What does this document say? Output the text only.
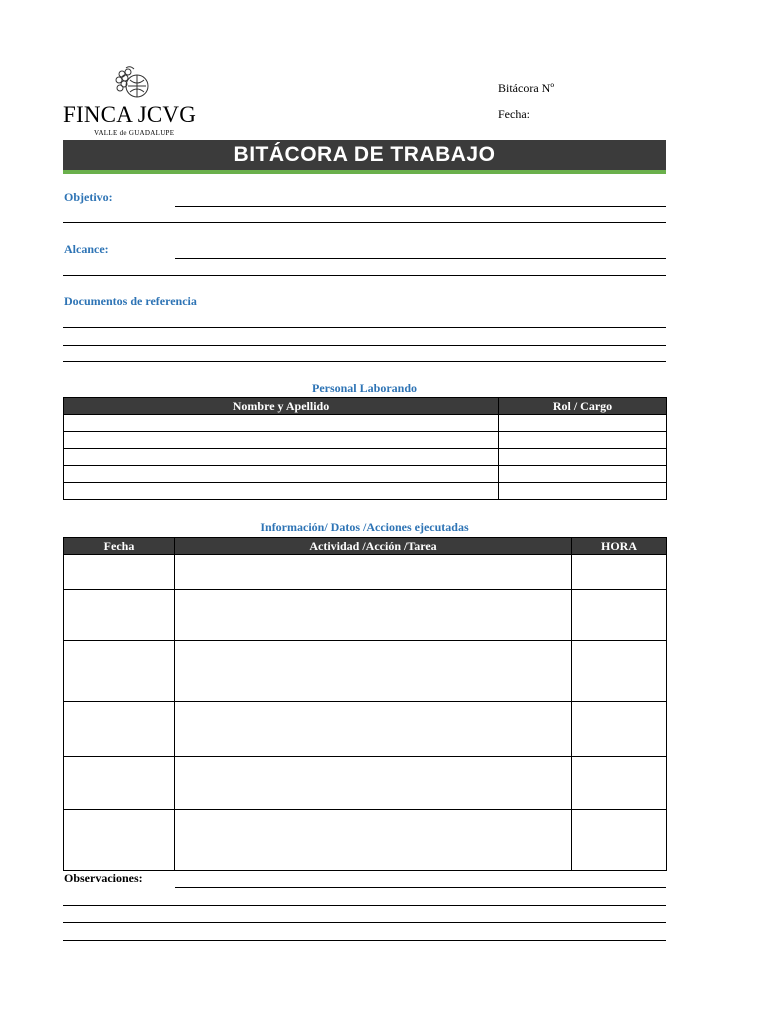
FINCA JCVG
VALLE de GUADALUPE
Bitácora Nº
Fecha:
BITÁCORA DE TRABAJO
Objetivo:
Alcance:
Documentos de referencia
Personal Laborando
Nombre y Apellido	Rol / Cargo

Información/ Datos /Acciones ejecutadas
Fecha	Actividad /Acción /Tarea	HORA

Observaciones:
